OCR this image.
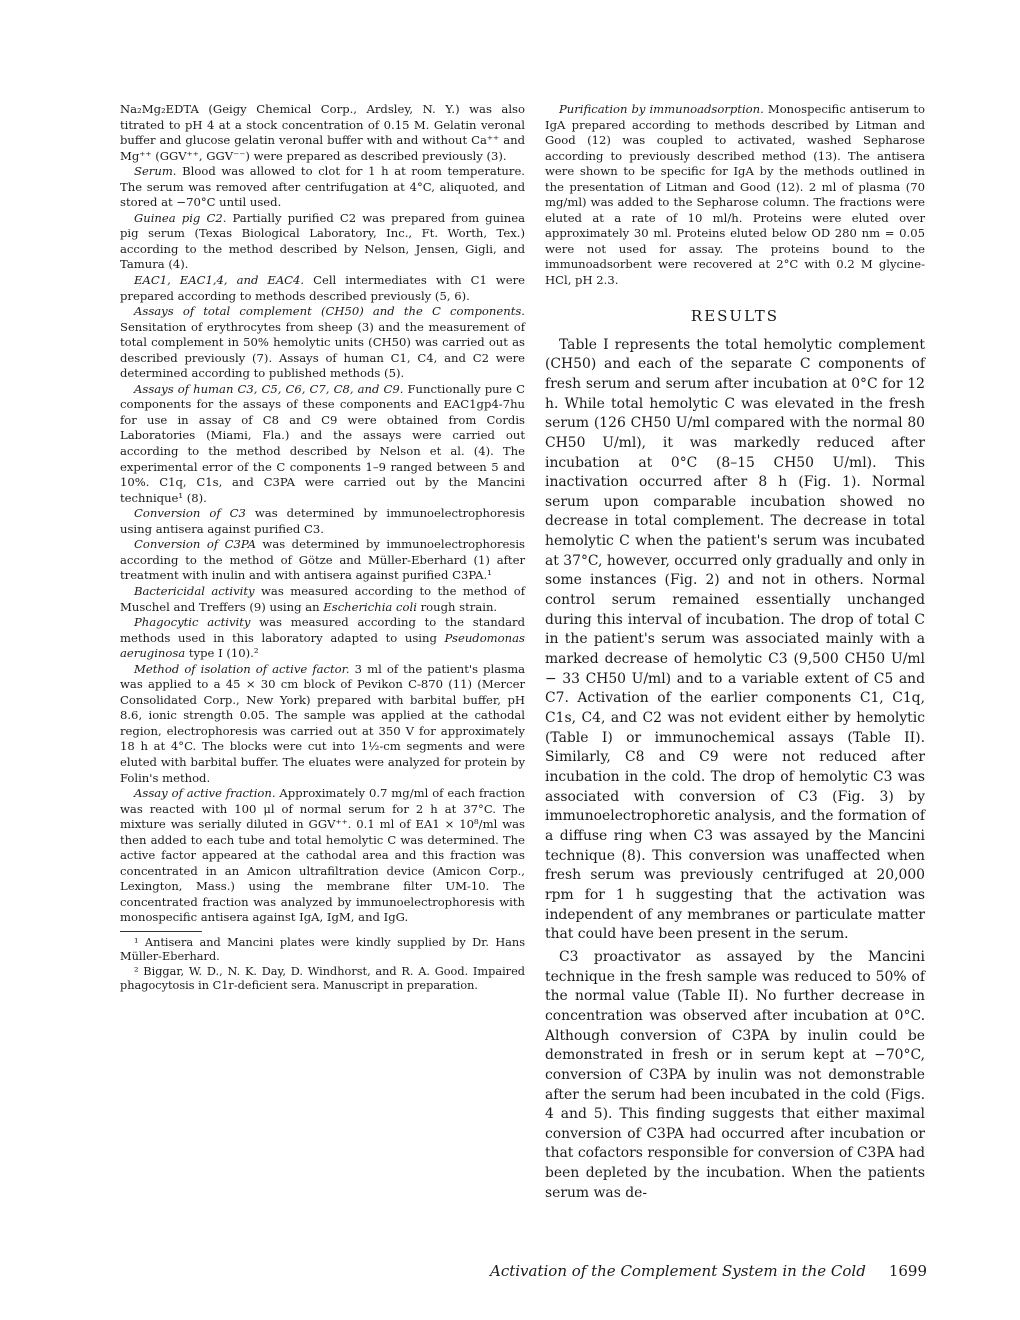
Na₂Mg₂EDTA (Geigy Chemical Corp., Ardsley, N. Y.) was also titrated to pH 4 at a stock concentration of 0.15 M. Gelatin veronal buffer and glucose gelatin veronal buffer with and without Ca⁺⁺ and Mg⁺⁺ (GGV⁺⁺, GGV⁻⁻) were prepared as described previously (3).

Serum. Blood was allowed to clot for 1 h at room temperature. The serum was removed after centrifugation at 4°C, aliquoted, and stored at −70°C until used.

Guinea pig C2. Partially purified C2 was prepared from guinea pig serum (Texas Biological Laboratory, Inc., Ft. Worth, Tex.) according to the method described by Nelson, Jensen, Gigli, and Tamura (4).

EAC1, EAC1,4, and EAC4. Cell intermediates with C1 were prepared according to methods described previously (5, 6).

Assays of total complement (CH50) and the C components. Sensitation of erythrocytes from sheep (3) and the measurement of total complement in 50% hemolytic units (CH50) was carried out as described previously (7). Assays of human C1, C4, and C2 were determined according to published methods (5).

Assays of human C3, C5, C6, C7, C8, and C9. Functionally pure C components for the assays of these components and EAC1gp4-7hu for use in assay of C8 and C9 were obtained from Cordis Laboratories (Miami, Fla.) and the assays were carried out according to the method described by Nelson et al. (4). The experimental error of the C components 1–9 ranged between 5 and 10%. C1q, C1s, and C3PA were carried out by the Mancini technique¹ (8).

Conversion of C3 was determined by immunoelectrophoresis using antisera against purified C3.

Conversion of C3PA was determined by immunoelectrophoresis according to the method of Götze and Müller-Eberhard (1) after treatment with inulin and with antisera against purified C3PA.¹

Bactericidal activity was measured according to the method of Muschel and Treffers (9) using an Escherichia coli rough strain.

Phagocytic activity was measured according to the standard methods used in this laboratory adapted to using Pseudomonas aeruginosa type I (10).²

Method of isolation of active factor. 3 ml of the patient's plasma was applied to a 45 × 30 cm block of Pevikon C-870 (11) (Mercer Consolidated Corp., New York) prepared with barbital buffer, pH 8.6, ionic strength 0.05. The sample was applied at the cathodal region, electrophoresis was carried out at 350 V for approximately 18 h at 4°C. The blocks were cut into 1½-cm segments and were eluted with barbital buffer. The eluates were analyzed for protein by Folin's method.

Assay of active fraction. Approximately 0.7 mg/ml of each fraction was reacted with 100 μl of normal serum for 2 h at 37°C. The mixture was serially diluted in GGV⁺⁺. 0.1 ml of EA1 × 10⁸/ml was then added to each tube and total hemolytic C was determined. The active factor appeared at the cathodal area and this fraction was concentrated in an Amicon ultrafiltration device (Amicon Corp., Lexington, Mass.) using the membrane filter UM-10. The concentrated fraction was analyzed by immunoelectrophoresis with monospecific antisera against IgA, IgM, and IgG.

¹ Antisera and Mancini plates were kindly supplied by Dr. Hans Müller-Eberhard.

² Biggar, W. D., N. K. Day, D. Windhorst, and R. A. Good. Impaired phagocytosis in C1r-deficient sera. Manuscript in preparation.

Purification by immunoadsorption. Monospecific antiserum to IgA prepared according to methods described by Litman and Good (12) was coupled to activated, washed Sepharose according to previously described method (13). The antisera were shown to be specific for IgA by the methods outlined in the presentation of Litman and Good (12). 2 ml of plasma (70 mg/ml) was added to the Sepharose column. The fractions were eluted at a rate of 10 ml/h. Proteins were eluted over approximately 30 ml. Proteins eluted below OD 280 nm = 0.05 were not used for assay. The proteins bound to the immunoadsorbent were recovered at 2°C with 0.2 M glycine-HCl, pH 2.3.

RESULTS

Table I represents the total hemolytic complement (CH50) and each of the separate C components of fresh serum and serum after incubation at 0°C for 12 h. While total hemolytic C was elevated in the fresh serum (126 CH50 U/ml compared with the normal 80 CH50 U/ml), it was markedly reduced after incubation at 0°C (8–15 CH50 U/ml). This inactivation occurred after 8 h (Fig. 1). Normal serum upon comparable incubation showed no decrease in total complement. The decrease in total hemolytic C when the patient's serum was incubated at 37°C, however, occurred only gradually and only in some instances (Fig. 2) and not in others. Normal control serum remained essentially unchanged during this interval of incubation. The drop of total C in the patient's serum was associated mainly with a marked decrease of hemolytic C3 (9,500 CH50 U/ml − 33 CH50 U/ml) and to a variable extent of C5 and C7. Activation of the earlier components C1, C1q, C1s, C4, and C2 was not evident either by hemolytic (Table I) or immunochemical assays (Table II). Similarly, C8 and C9 were not reduced after incubation in the cold. The drop of hemolytic C3 was associated with conversion of C3 (Fig. 3) by immunoelectrophoretic analysis, and the formation of a diffuse ring when C3 was assayed by the Mancini technique (8). This conversion was unaffected when fresh serum was previously centrifuged at 20,000 rpm for 1 h suggesting that the activation was independent of any membranes or particulate matter that could have been present in the serum.

C3 proactivator as assayed by the Mancini technique in the fresh sample was reduced to 50% of the normal value (Table II). No further decrease in concentration was observed after incubation at 0°C. Although conversion of C3PA by inulin could be demonstrated in fresh or in serum kept at −70°C, conversion of C3PA by inulin was not demonstrable after the serum had been incubated in the cold (Figs. 4 and 5). This finding suggests that either maximal conversion of C3PA had occurred after incubation or that cofactors responsible for conversion of C3PA had been depleted by the incubation. When the patients serum was de-

Activation of the Complement System in the Cold 1699
